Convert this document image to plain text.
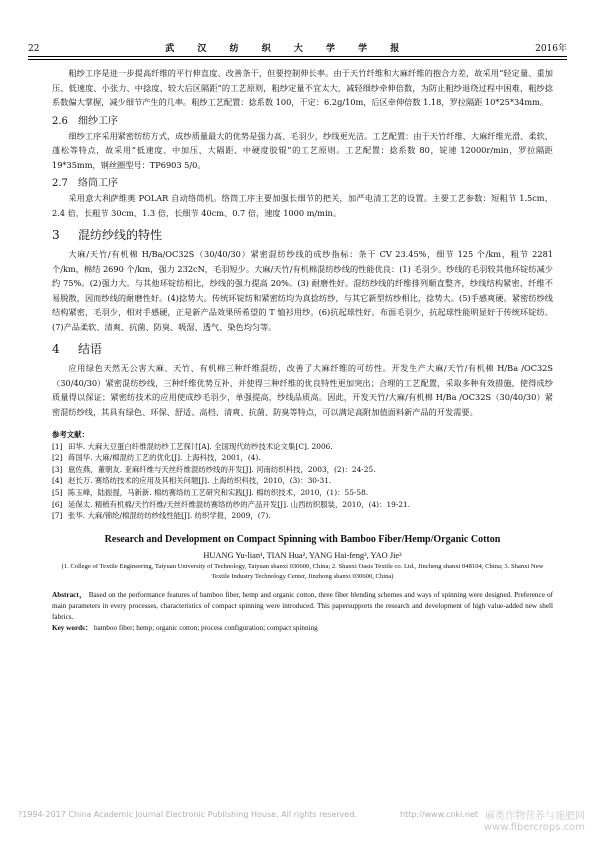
22	武 汉 纺 织 大 学 学 报	2016年

粗纱工序是进一步提高纤维的平行伸直度、改善条干，但要控制伸长率。由于天竹纤维和大麻纤维的抱合力差，故采用“轻定量、重加压、低速度、小张力、中捻度、较大后区隔距”的工艺原则，粗纱定量不宜太大，减轻细纱牵伸倍数，为防止粗纱退绕过程中困难，粗纱捻系数偏大掌握，减少细节产生的几率。粗纱工艺配置：捻系数 100，干定：6.2g/10m，后区牵伸倍数 1.18，罗拉隔距 10*25*34mm。

2.6 细纱工序

细纱工序采用紧密纺纺方式，成纱质量最大的优势是强力高、毛羽少，纱线更光洁。工艺配置：由于天竹纤维、大麻纤维光滑、柔软、蓬松等特点，故采用“低速度、中加压、大隔距、中硬度胶辊”的工艺原则。工艺配置：捻系数 80，锭速 12000r/min，罗拉隔距 19*35mm，钢丝圈型号：TP6903 5/0。

2.7 络筒工序

采用意大利萨维奥 POLAR 自动络筒机。络筒工序主要加强长细节的把关，加严电清工艺的设置。主要工艺参数：短粗节 1.5cm、2.4 倍，长粗节 30cm、1.3 倍，长细节 40cm、0.7 倍，速度 1000 m/min。

3 混纺纱线的特性

大麻/天竹/有机棉 H/Ba/OC32S（30/40/30）紧密混纺纱线的成纱指标：条干 CV 23.45%，细节 125 个/km，粗节 2281 个/km，棉结 2690 个/km，强力 232cN，毛羽短少。大麻/天竹/有机棉混纺纱线的性能优良：(1) 毛羽少。纱线的毛羽较其他环锭纺减少约 75%。(2)强力大。与其他环锭纺相比，纱线的强力提高 20%。(3) 耐磨性好。混纺纱线的纤维排列顺直整齐，纱线结构紧密，纤维不易脱散，因而纱线的耐磨性好。(4)捻势大。传统环锭纺和紧密纺均为真捻纺纱，与其它新型纺纱相比，捻势大。(5)手感爽硬。紧密纺纱线结构紧密，毛羽少，相对手感硬，正是新产品效果所希望的 T 恤衫用纱。(6)抗起球性好。布面毛羽少，抗起球性能明显好于传统环锭纺。(7)产品柔软、清爽、抗菌、防臭、吸湿、透气、染色均匀等。

4 结语

应用绿色天然无公害大麻、天竹、有机棉三种纤维混纺，改善了大麻纤维的可纺性。开发生产大麻/天竹/有机棉 H/Ba /OC32S（30/40/30）紧密混纺纱线，三种纤维优势互补，并使得三种纤维的优良特性更加突出；合理的工艺配置，采取多种有效措施，使得成纱质量得以保证；紧密纺技术的应用使成纱毛羽少，单强提高，纱线品质高。因此，开发天竹/大麻/有机棉 H/Ba /OC32S（30/40/30）紧密混纺纱线，其具有绿色、环保、舒适、高档、清爽、抗菌、防臭等特点，可以满足高附加值面料新产品的开发需要。

参考文献：
[1] 田华. 大麻大豆蛋白纤维混纺纱工艺探讨[A]. 全国现代纺纱技术论文集[C]. 2006.
[2] 蒋国华. 大麻/棉混纺工艺的优化[J]. 上海科技，2001，(4).
[3] 扈佐燕，董朝友. 亚麻纤维与天丝纤维混纺纱线的开发[J]. 河南纺织科技，2003，(2)：24-25.
[4] 赵长万. 赛络纺技术的应用及其相关问题[J]. 上海纺织科技，2010，(3)：30-31.
[5] 陈玉峰，陆振提，马新新. 棉纺赛络纺工艺研究和实践[J]. 棉纺织技术，2010，(1)：55-58.
[6] 延保太. 精梳有机棉/天竹纤维/天丝纤维混纺赛络纺纱的产品开发[J]. 山西纺织服装，2010，(4)：19-21.
[7] 张华. 大麻/锦纶/棉混纺纺纱线性能[J]. 纺织学报，2009，(7).
Research and Development on Compact Spinning with Bamboo Fiber/Hemp/Organic Cotton
HUANG Yu-lian¹, TIAN Hua², YANG Hai-feng², YAO Jie³
(1. College of Textile Engineering, Taiyuan University of Technology, Taiyuan shanxi 030600, China; 2. Shanxi Oasis Textile co. Ltd., Jincheng shanxi 048104, China; 3. Shanxi New Textile Industry Technology Center, Jinzhong shanxi 030600, China)
Abstract， Based on the performance features of bamboo fiber, hemp and organic cotton, three fiber blending schemes and ways of spinning were designed. Preference of main parameters in every processes, characteristics of compact spinning were introduced. This papersupports the research and development of high value-added new shell fabrics.
Key words： bamboo fiber; hemp; organic cotton; process configuration; compact spinning
?1994-2017 China Academic Journal Electronic Publishing House. All rights reserved.	麻类作物营养与施肥网
http://www.cnki.net
www.fibercrops.com
